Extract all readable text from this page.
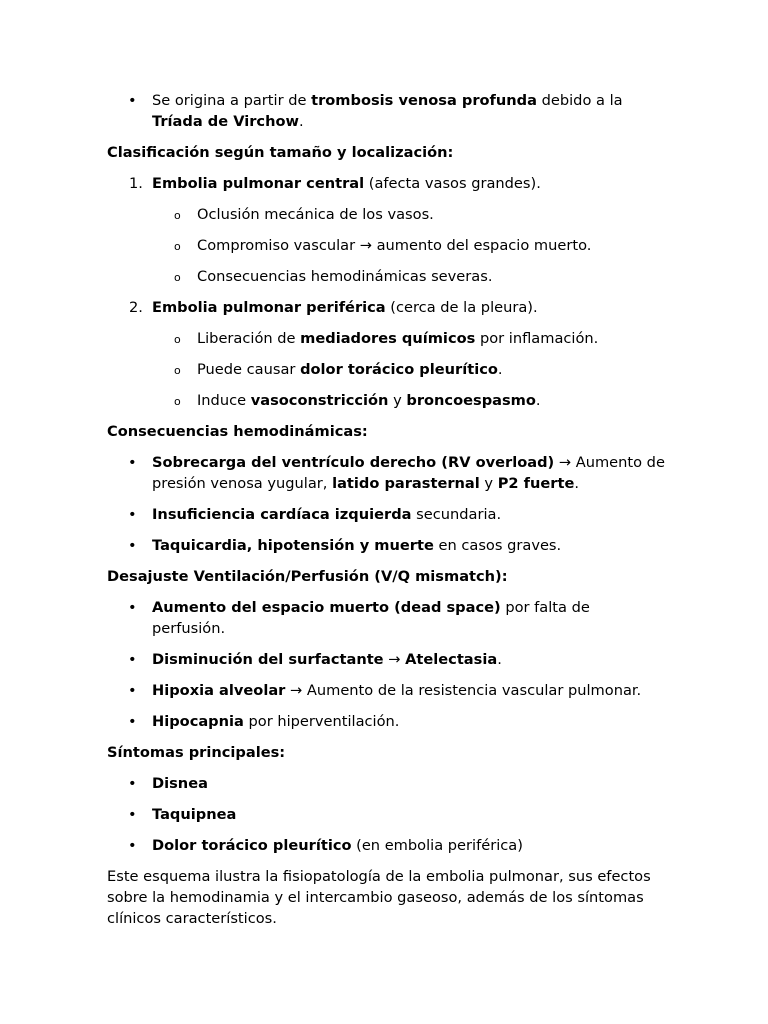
•	Se origina a partir de trombosis venosa profunda debido a la Tríada de Virchow.
Clasificación según tamaño y localización:
1. Embolia pulmonar central (afecta vasos grandes).
o Oclusión mecánica de los vasos.
o Compromiso vascular → aumento del espacio muerto.
o Consecuencias hemodinámicas severas.
2. Embolia pulmonar periférica (cerca de la pleura).
o Liberación de mediadores químicos por inflamación.
o Puede causar dolor torácico pleurítico.
o Induce vasoconstricción y broncoespasmo.
Consecuencias hemodinámicas:
•	Sobrecarga del ventrículo derecho (RV overload) → Aumento de presión venosa yugular, latido parasternal y P2 fuerte.
•	Insuficiencia cardíaca izquierda secundaria.
•	Taquicardia, hipotensión y muerte en casos graves.
Desajuste Ventilación/Perfusión (V/Q mismatch):
•	Aumento del espacio muerto (dead space) por falta de perfusión.
•	Disminución del surfactante → Atelectasia.
•	Hipoxia alveolar → Aumento de la resistencia vascular pulmonar.
•	Hipocapnia por hiperventilación.
Síntomas principales:
•	Disnea
•	Taquipnea
•	Dolor torácico pleurítico (en embolia periférica)

Este esquema ilustra la fisiopatología de la embolia pulmonar, sus efectos sobre la hemodinamia y el intercambio gaseoso, además de los síntomas clínicos característicos.
